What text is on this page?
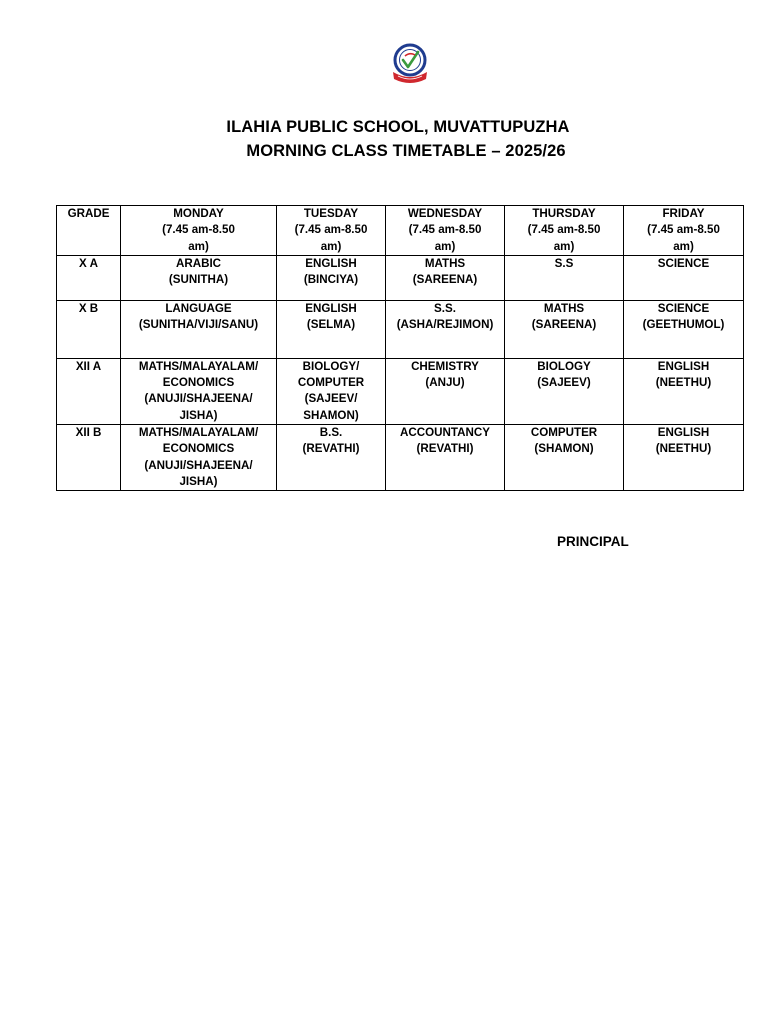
ILAHIA PUBLIC SCHOOL, MUVATTUPUZHA
MORNING CLASS TIMETABLE – 2025/26
GRADE	MONDAY
(7.45 am-8.50
am)	TUESDAY
(7.45 am-8.50
am)	WEDNESDAY
(7.45 am-8.50
am)	THURSDAY
(7.45 am-8.50
am)	FRIDAY
(7.45 am-8.50
am)

X A	ARABIC
(SUNITHA)	ENGLISH
(BINCIYA)	MATHS
(SAREENA)	S.S	SCIENCE

X B	LANGUAGE
(SUNITHA/VIJI/SANU)	ENGLISH
(SELMA)	S.S.
(ASHA/REJIMON)	MATHS
(SAREENA)	SCIENCE
(GEETHUMOL)

XII A	MATHS/MALAYALAM/
ECONOMICS
(ANUJI/SHAJEENA/
JISHA)	BIOLOGY/
COMPUTER
(SAJEEV/
SHAMON)	CHEMISTRY
(ANJU)	BIOLOGY
(SAJEEV)	ENGLISH
(NEETHU)

XII B	MATHS/MALAYALAM/
ECONOMICS
(ANUJI/SHAJEENA/
JISHA)	B.S.
(REVATHI)	ACCOUNTANCY
(REVATHI)	COMPUTER
(SHAMON)	ENGLISH
(NEETHU)
PRINCIPAL
